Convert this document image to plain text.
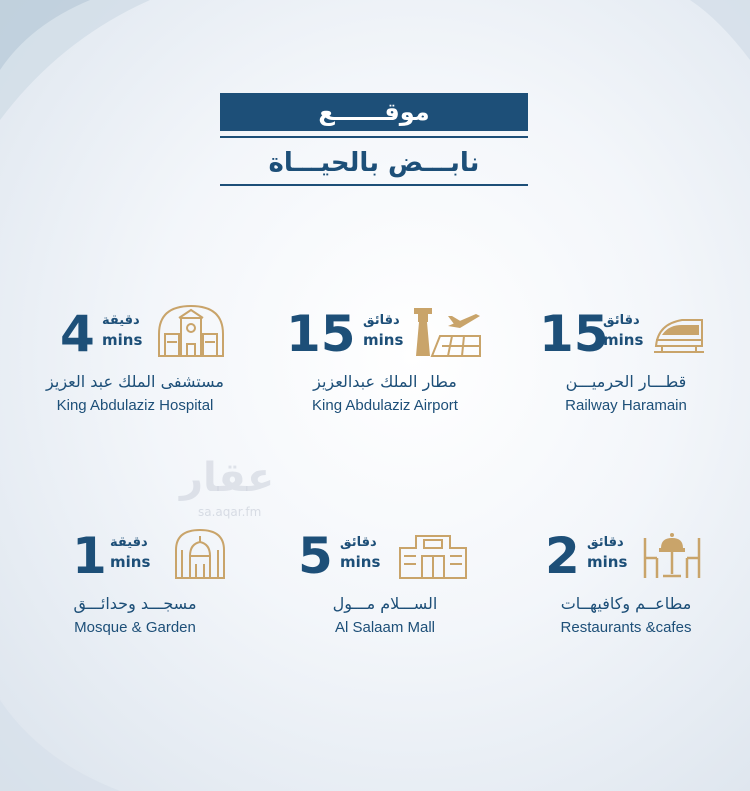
موقــــــع
نابـــض بالحيـــاة
عقار
sa.aqar.fm
4 دقيقة
mins
مستشفى الملك عبد العزيز
King Abdulaziz Hospital
15 دقائق
mins
مطار الملك عبدالعزيز
King Abdulaziz Airport
15
دقائق
mins
قطـــار الحرميـــن
Railway Haramain
1 دقيقة
mins
مسجـــد وحدائـــق
Mosque & Garden
5 دقائق
mins
الســـلام مـــول
Al Salaam Mall
2 دقائق
mins
مطاعــم وكافيهــات
Restaurants &cafes
